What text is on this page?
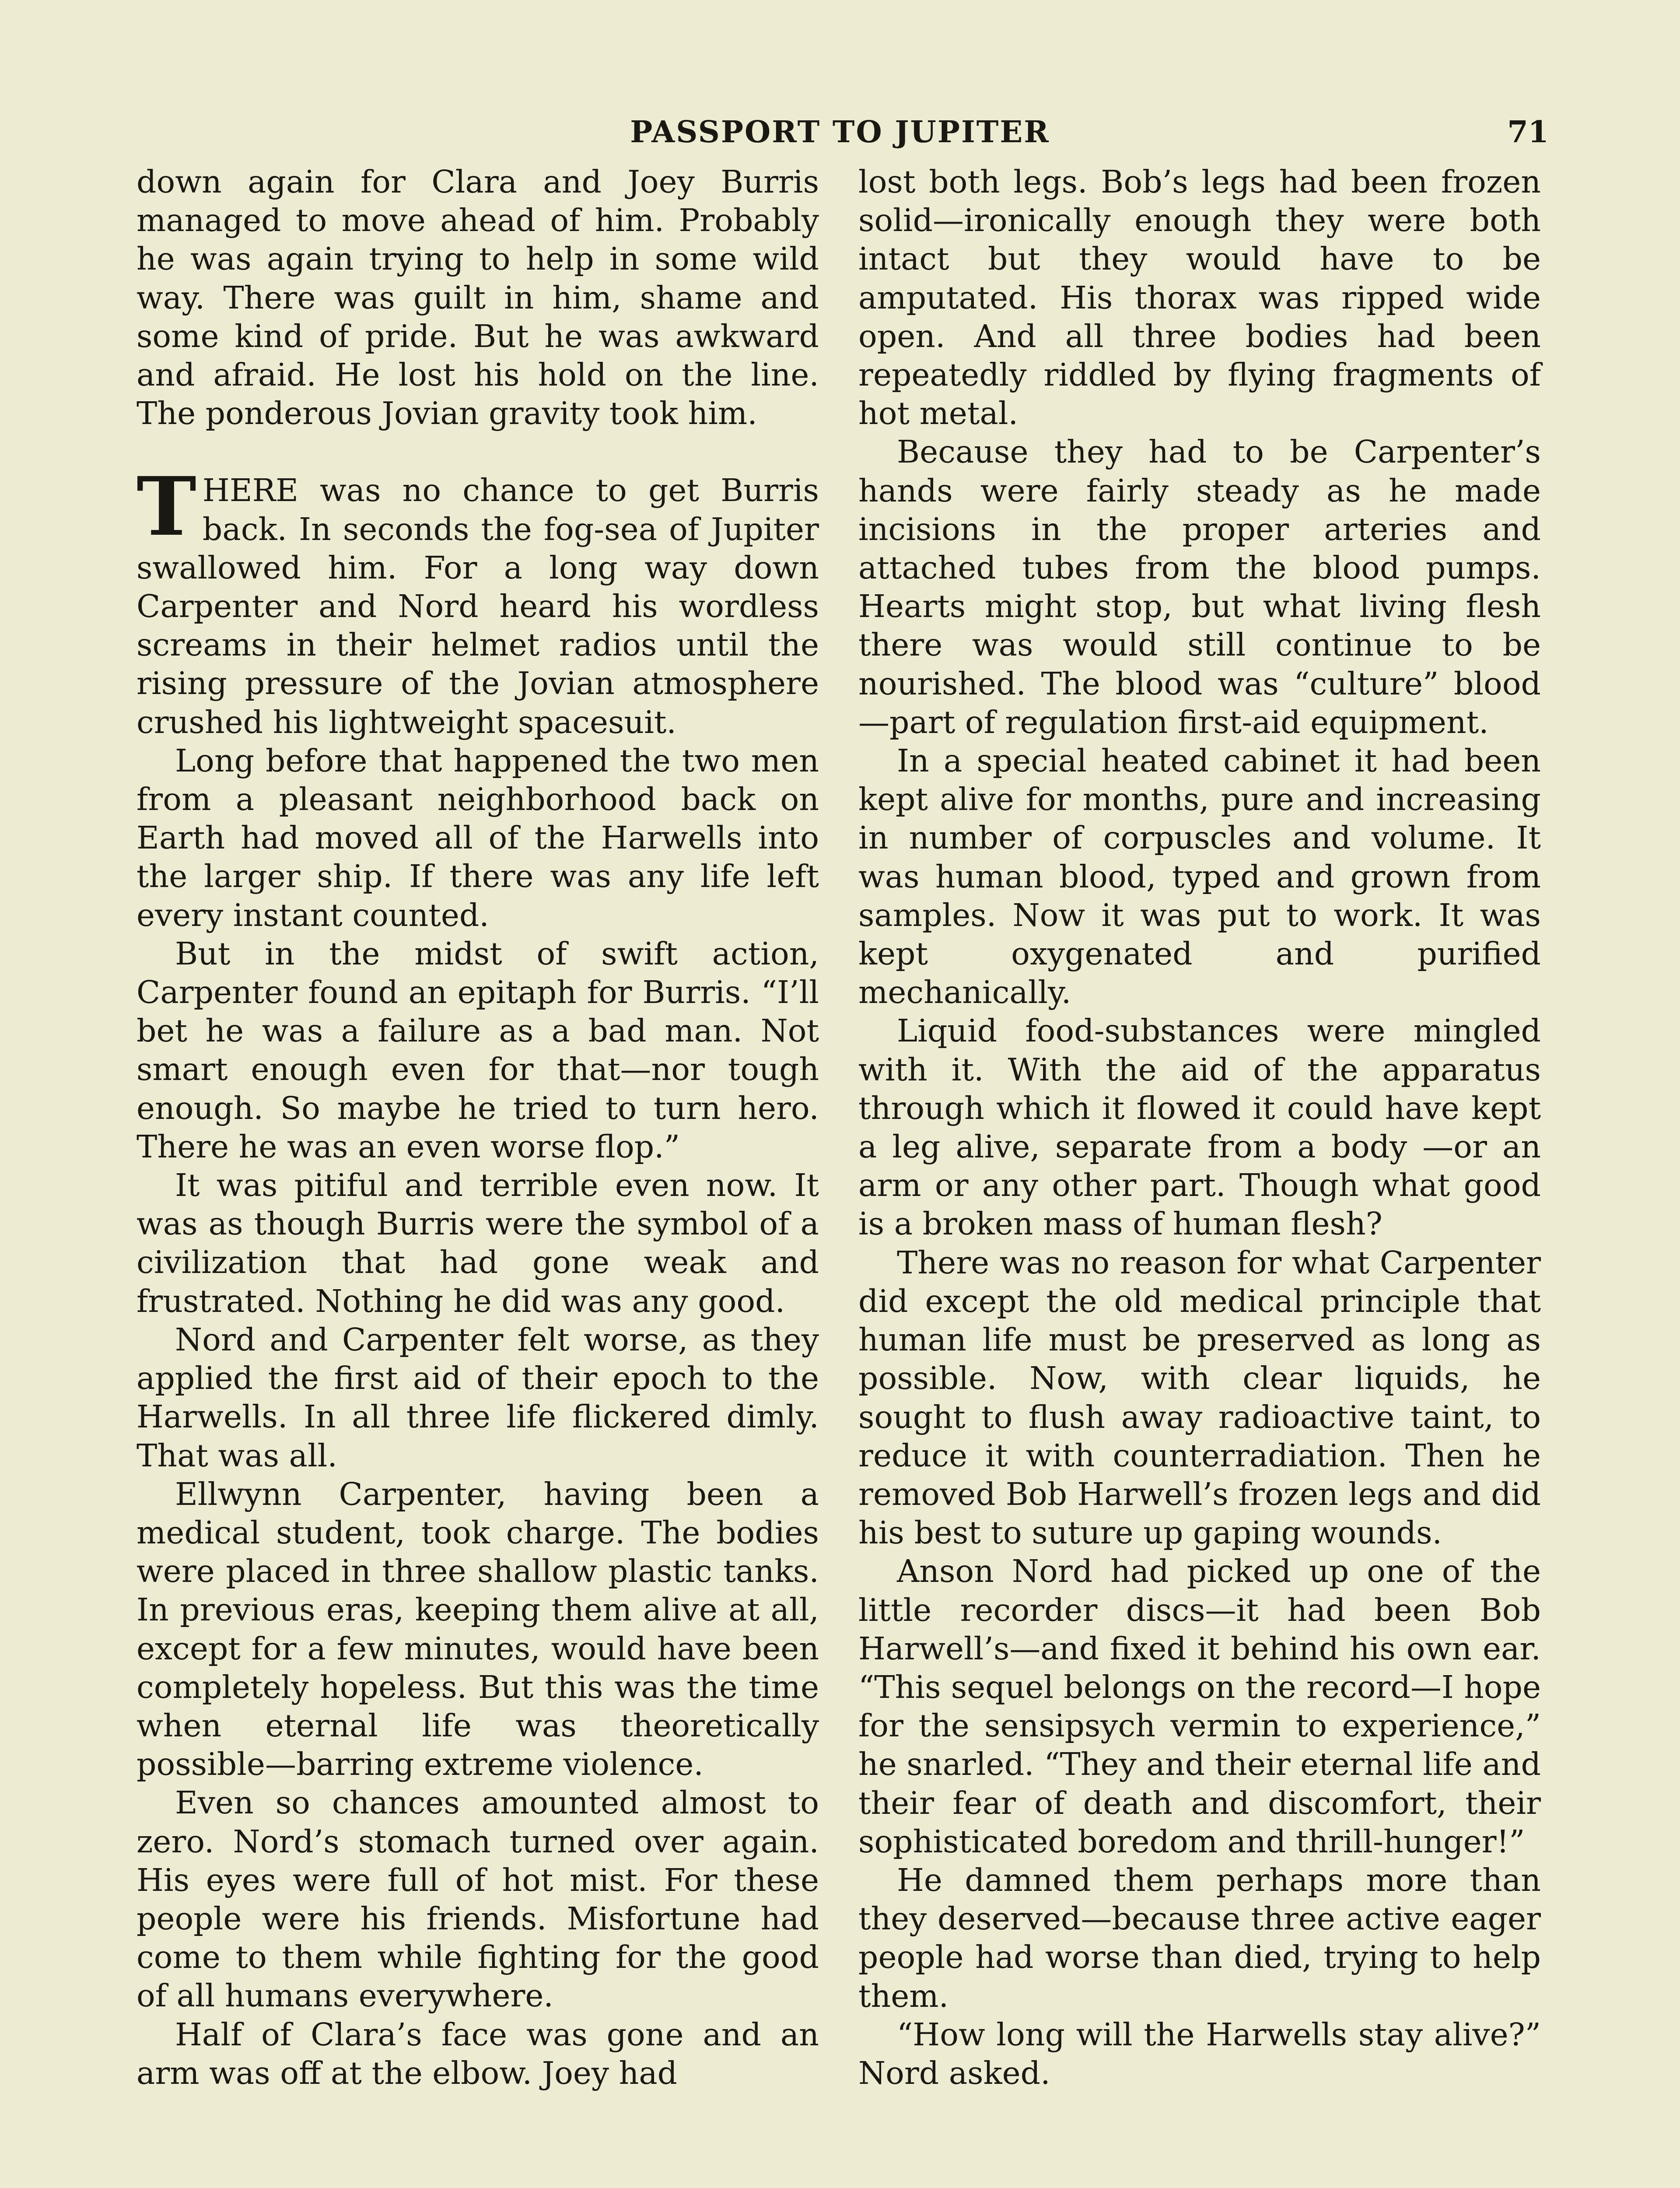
PASSPORT TO JUPITER	71

down again for Clara and Joey Burris managed to move ahead of him. Probably he was again trying to help in some wild way. There was guilt in him, shame and some kind of pride. But he was awkward and afraid. He lost his hold on the line. The ponderous Jovian gravity took him.

THERE was no chance to get Burris back. In seconds the fog-sea of Jupiter swallowed him. For a long way down Carpenter and Nord heard his wordless screams in their helmet radios until the rising pressure of the Jovian atmosphere crushed his lightweight spacesuit.

Long before that happened the two men from a pleasant neighborhood back on Earth had moved all of the Harwells into the larger ship. If there was any life left every instant counted.

But in the midst of swift action, Carpenter found an epitaph for Burris. “I’ll bet he was a failure as a bad man. Not smart enough even for that—nor tough enough. So maybe he tried to turn hero. There he was an even worse flop.”

It was pitiful and terrible even now. It was as though Burris were the symbol of a civilization that had gone weak and frustrated. Nothing he did was any good.

Nord and Carpenter felt worse, as they applied the first aid of their epoch to the Harwells. In all three life flickered dimly. That was all.

Ellwynn Carpenter, having been a medical student, took charge. The bodies were placed in three shallow plastic tanks. In previous eras, keeping them alive at all, except for a few minutes, would have been completely hopeless. But this was the time when eternal life was theoretically possible—barring extreme violence.

Even so chances amounted almost to zero. Nord’s stomach turned over again. His eyes were full of hot mist. For these people were his friends. Misfortune had come to them while fighting for the good of all humans everywhere.

Half of Clara’s face was gone and an arm was off at the elbow. Joey had

lost both legs. Bob’s legs had been frozen solid—ironically enough they were both intact but they would have to be amputated. His thorax was ripped wide open. And all three bodies had been repeatedly riddled by flying fragments of hot metal.

Because they had to be Carpenter’s hands were fairly steady as he made incisions in the proper arteries and attached tubes from the blood pumps. Hearts might stop, but what living flesh there was would still continue to be nourished. The blood was “culture” blood—part of regulation first-aid equipment.

In a special heated cabinet it had been kept alive for months, pure and increasing in number of corpuscles and volume. It was human blood, typed and grown from samples. Now it was put to work. It was kept oxygenated and purified mechanically.

Liquid food-substances were mingled with it. With the aid of the apparatus through which it flowed it could have kept a leg alive, separate from a body —or an arm or any other part. Though what good is a broken mass of human flesh?

There was no reason for what Carpenter did except the old medical principle that human life must be preserved as long as possible. Now, with clear liquids, he sought to flush away radioactive taint, to reduce it with counterradiation. Then he removed Bob Harwell’s frozen legs and did his best to suture up gaping wounds.

Anson Nord had picked up one of the little recorder discs—it had been Bob Harwell’s—and fixed it behind his own ear. “This sequel belongs on the record—I hope for the sensipsych vermin to experience,” he snarled. “They and their eternal life and their fear of death and discomfort, their sophisticated boredom and thrill-hunger!”

He damned them perhaps more than they deserved—because three active eager people had worse than died, trying to help them.

“How long will the Harwells stay alive?” Nord asked.
